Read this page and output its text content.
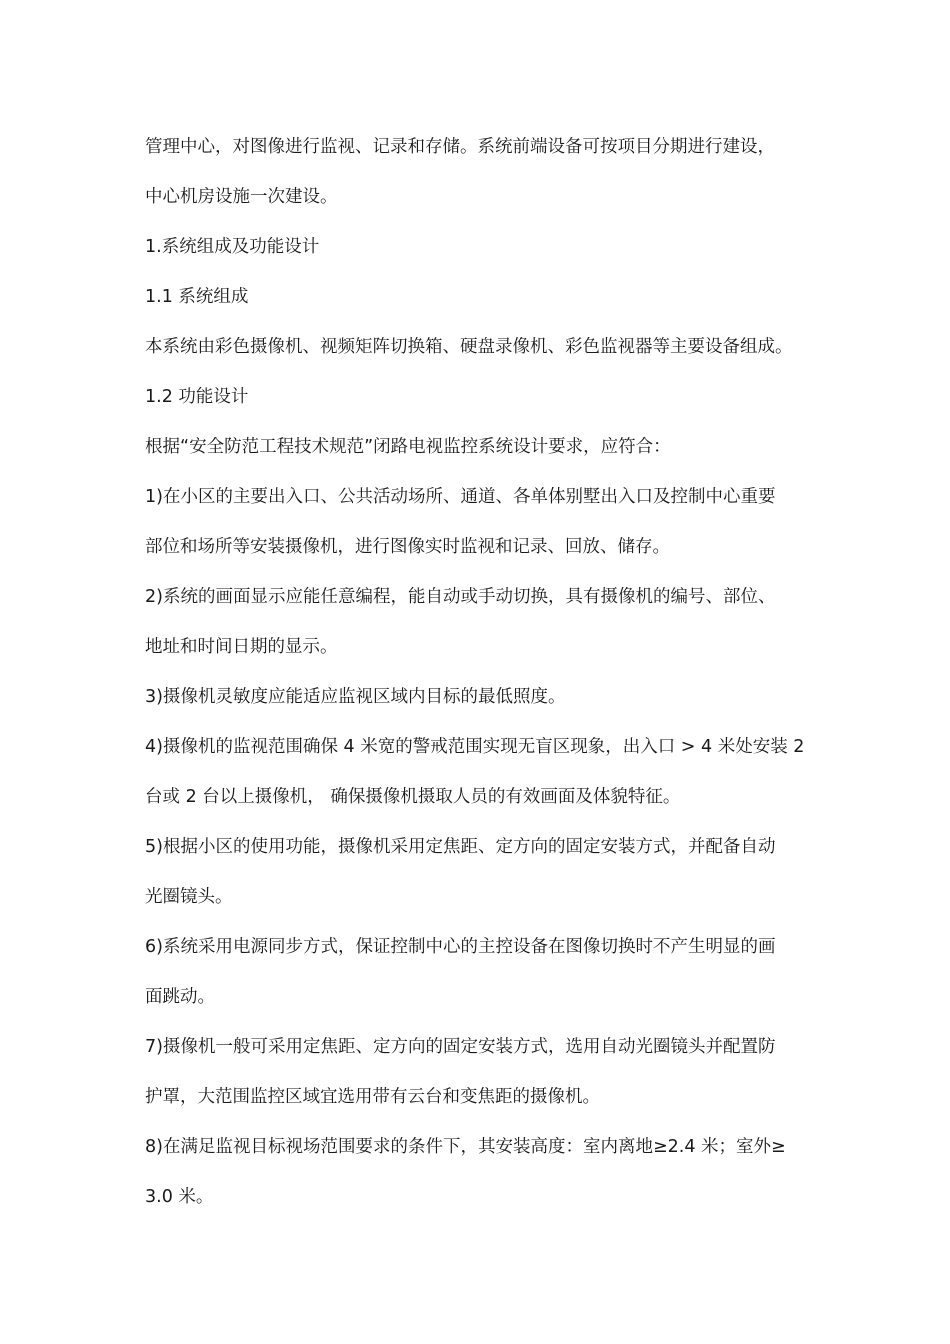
管理中心，对图像进行监视、记录和存储。系统前端设备可按项目分期进行建设，
中心机房设施一次建设。
1.系统组成及功能设计
1.1 系统组成
本系统由彩色摄像机、视频矩阵切换箱、硬盘录像机、彩色监视器等主要设备组成。
1.2 功能设计
根据“安全防范工程技术规范”闭路电视监控系统设计要求，应符合：
1)在小区的主要出入口、公共活动场所、通道、各单体别墅出入口及控制中心重要
部位和场所等安装摄像机，进行图像实时监视和记录、回放、储存。
2)系统的画面显示应能任意编程，能自动或手动切换，具有摄像机的编号、部位、
地址和时间日期的显示。
3)摄像机灵敏度应能适应监视区域内目标的最低照度。
4)摄像机的监视范围确保 4 米宽的警戒范围实现无盲区现象，出入口 > 4 米处安装 2
台或 2 台以上摄像机， 确保摄像机摄取人员的有效画面及体貌特征。
5)根据小区的使用功能，摄像机采用定焦距、定方向的固定安装方式，并配备自动
光圈镜头。
6)系统采用电源同步方式，保证控制中心的主控设备在图像切换时不产生明显的画
面跳动。
7)摄像机一般可采用定焦距、定方向的固定安装方式，选用自动光圈镜头并配置防
护罩，大范围监控区域宜选用带有云台和变焦距的摄像机。
8)在满足监视目标视场范围要求的条件下，其安装高度：室内离地≥2.4 米；室外≥
3.0 米。
